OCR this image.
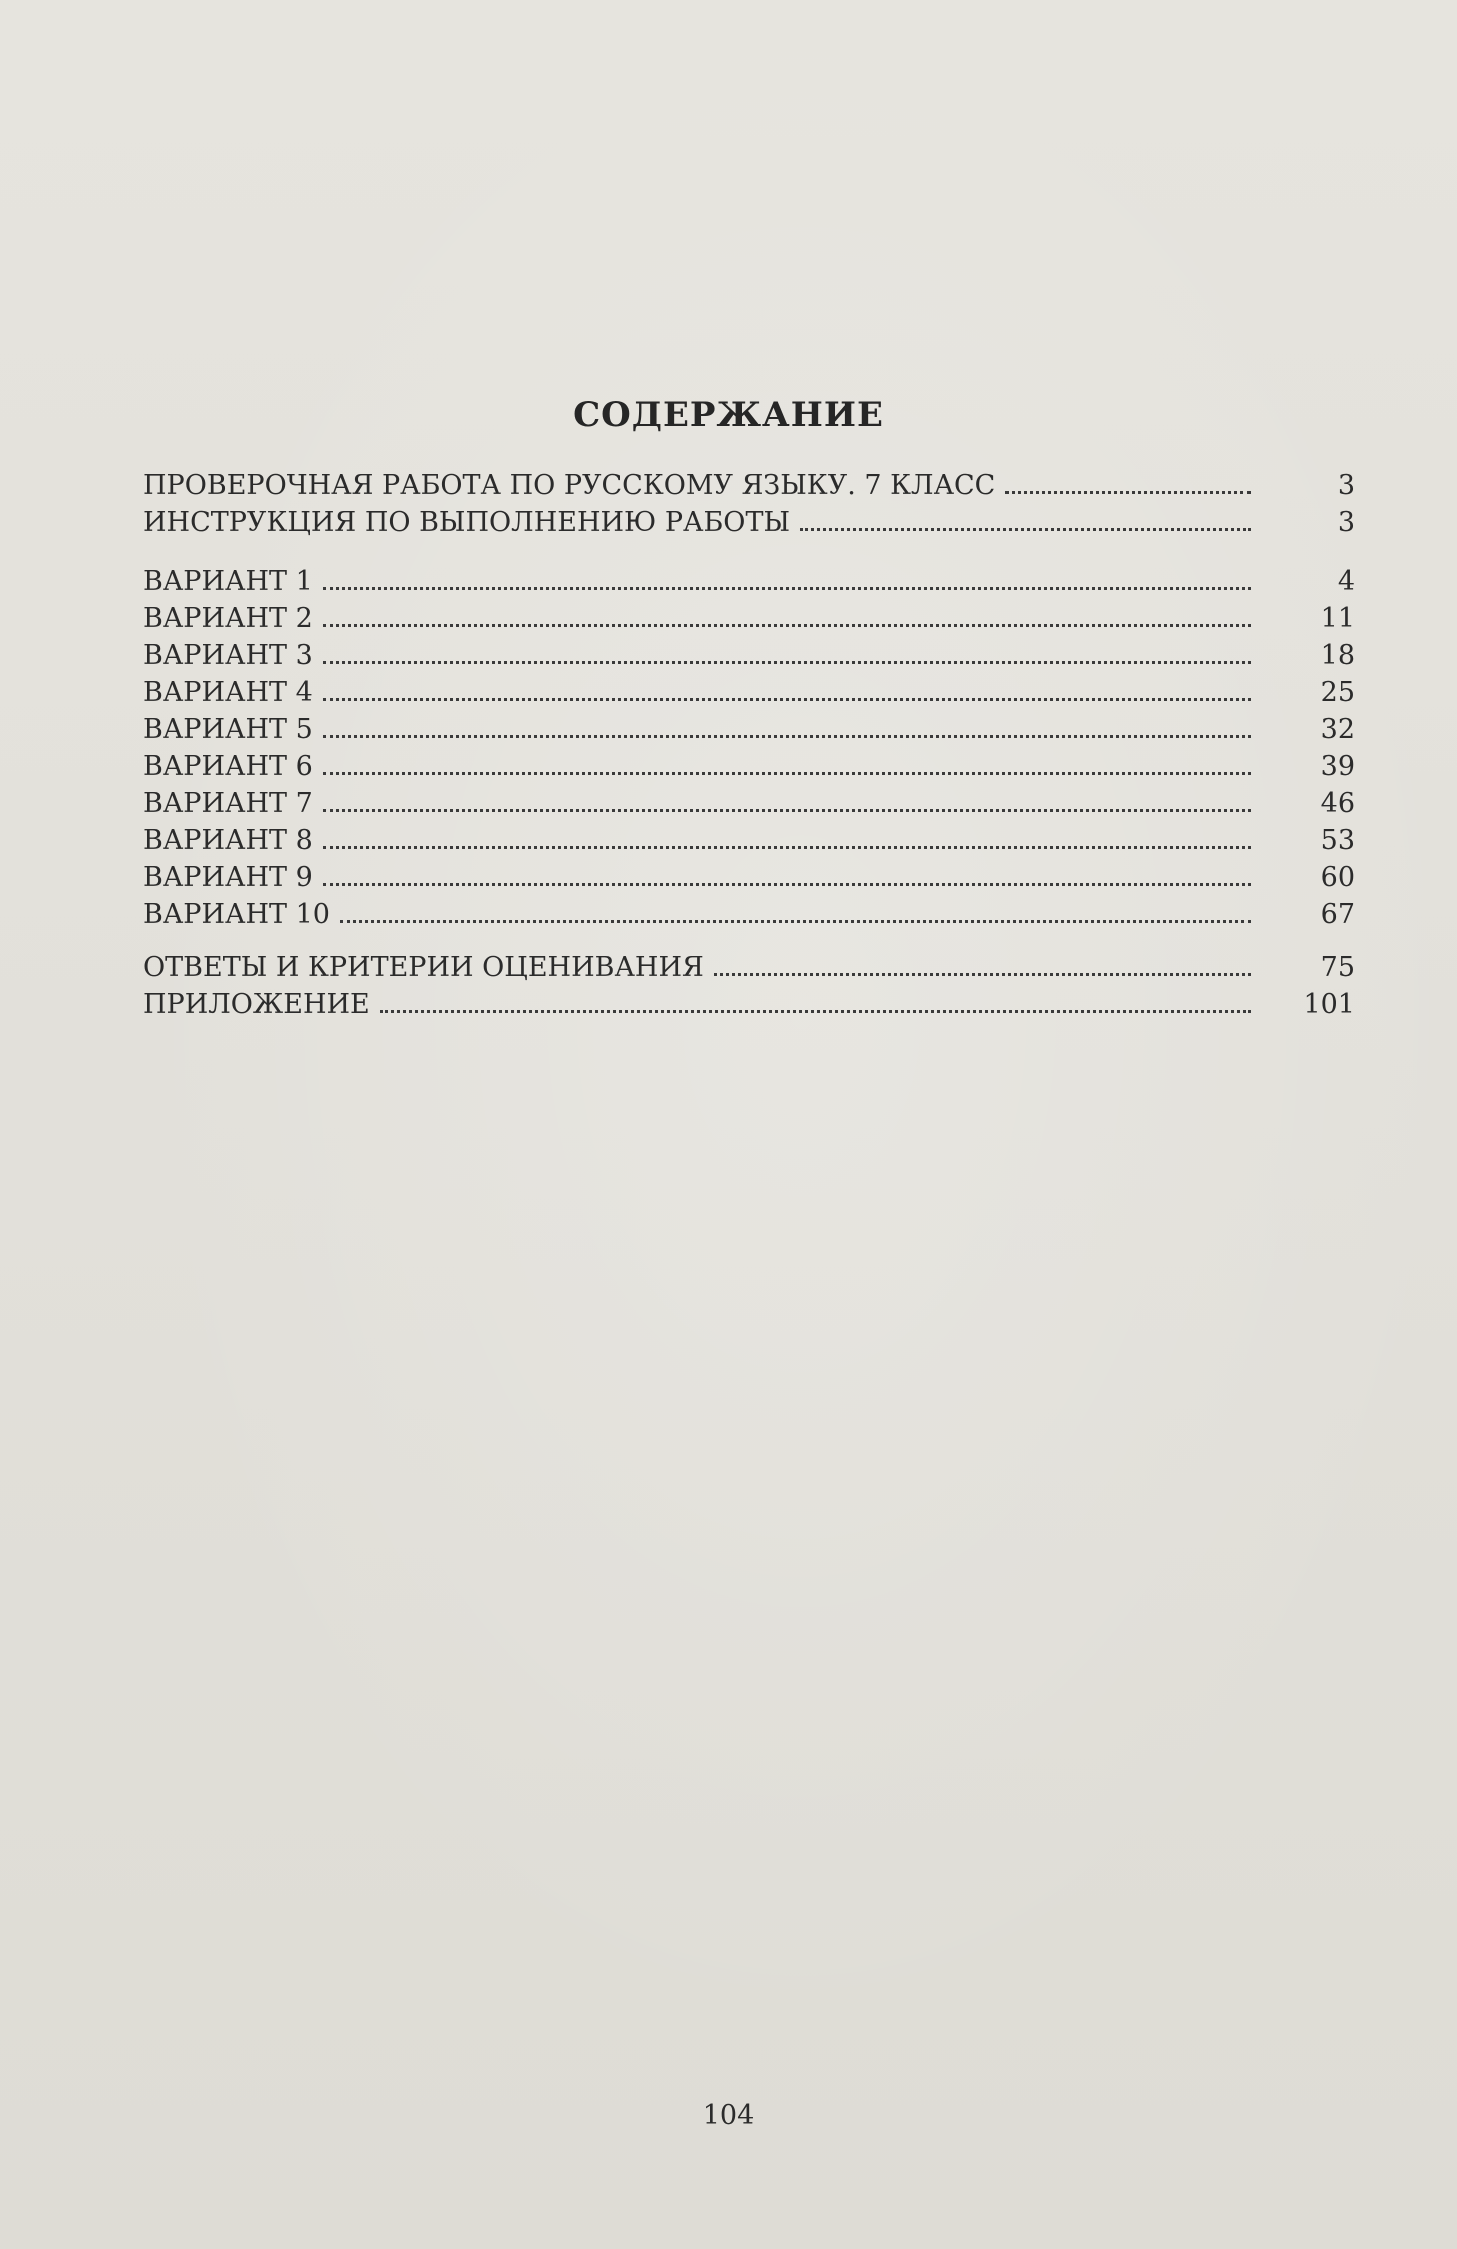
СОДЕРЖАНИЕ
ПРОВЕРОЧНАЯ РАБОТА ПО РУССКОМУ ЯЗЫКУ. 7 КЛАСС	3
ИНСТРУКЦИЯ ПО ВЫПОЛНЕНИЮ РАБОТЫ	3
ВАРИАНТ 1	4
ВАРИАНТ 2	11
ВАРИАНТ 3	18
ВАРИАНТ 4	25
ВАРИАНТ 5	32
ВАРИАНТ 6	39
ВАРИАНТ 7	46
ВАРИАНТ 8	53
ВАРИАНТ 9	60
ВАРИАНТ 10	67
ОТВЕТЫ И КРИТЕРИИ ОЦЕНИВАНИЯ	75
ПРИЛОЖЕНИЕ	101
104
